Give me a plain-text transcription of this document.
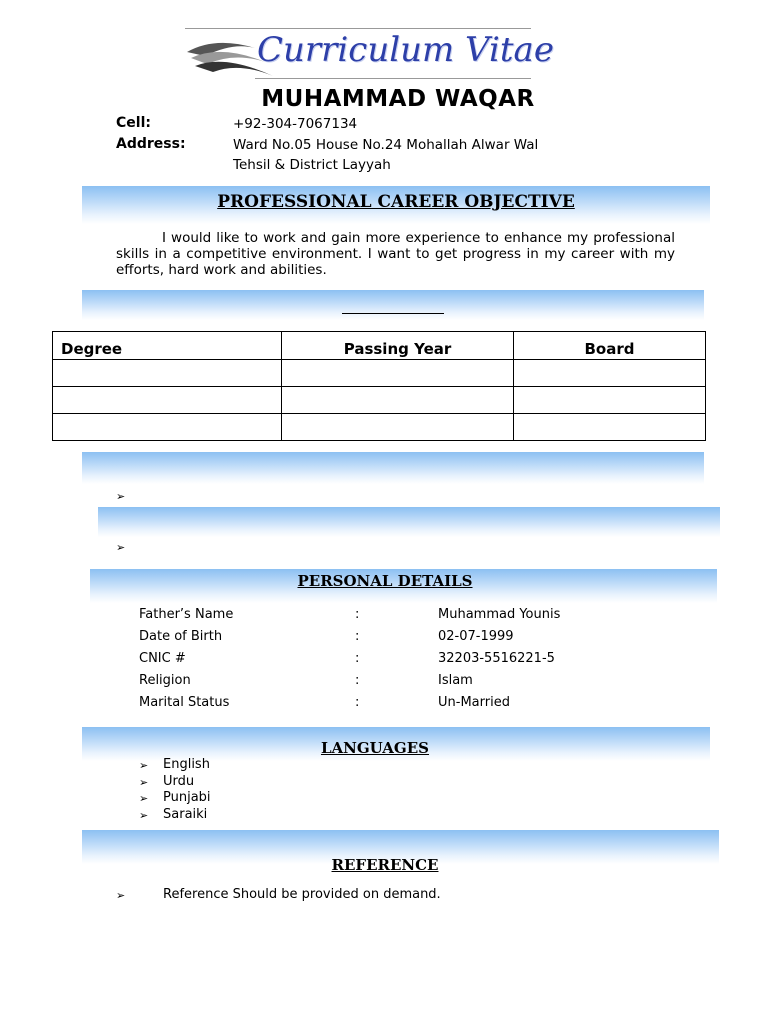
Curriculum Vitae
MUHAMMAD WAQAR
Cell:	+92-304-7067134
Address:	Ward No.05 House No.24 Mohallah Alwar Wal
Tehsil & District Layyah
PROFESSIONAL CAREER OBJECTIVE
I would like to work and gain more experience to enhance my professional skills in a competitive environment. I want to get progress in my career with my efforts, hard work and abilities.
Degree	Passing Year	Board

➢
➢
PERSONAL DETAILS
Father’s Name	:	Muhammad Younis
Date of Birth	:	02-07-1999
CNIC #	:	32203-5516221-5
Religion	:	Islam
Marital Status	:	Un-Married
LANGUAGES
➢ English
➢ Urdu
➢ Punjabi
➢ Saraiki
REFERENCE
➢	Reference Should be provided on demand.
